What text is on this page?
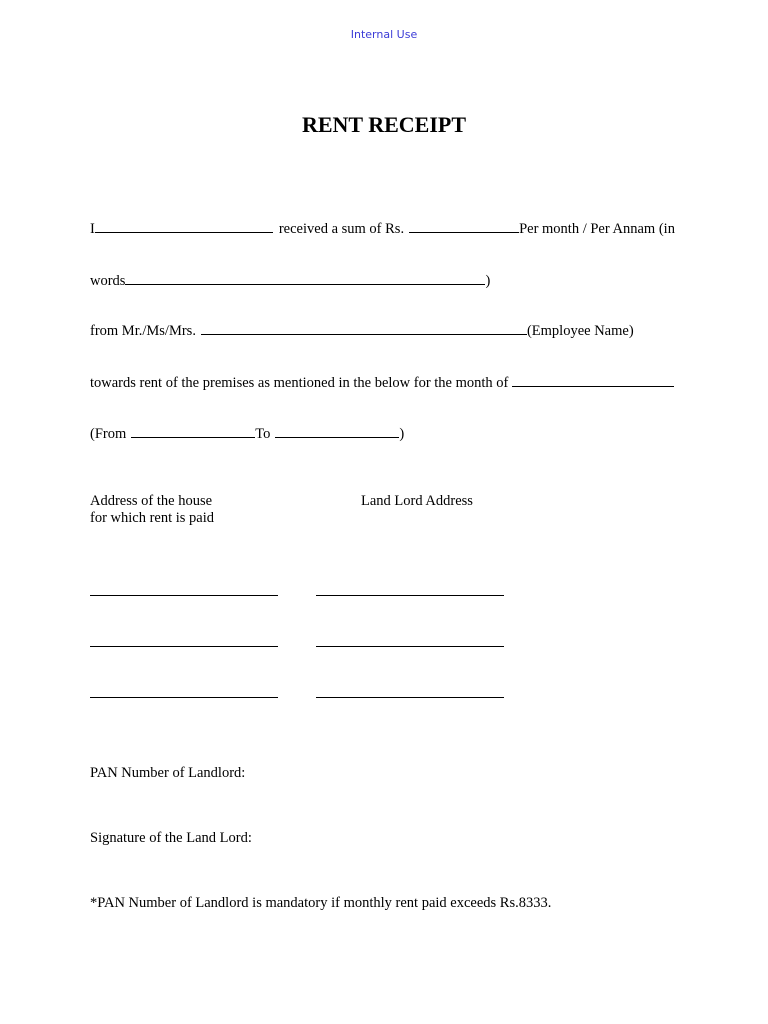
Internal Use
RENT RECEIPT
I	received a sum of Rs.	Per month / Per Annam (in
words	)
from Mr./Ms/Mrs.	(Employee Name)
towards rent of the premises as mentioned in the below for the month of
(From	To	)
Address of the house
for which rent is paid
Land Lord Address
PAN Number of Landlord:
Signature of the Land Lord:
*PAN Number of Landlord is mandatory if monthly rent paid exceeds Rs.8333.
